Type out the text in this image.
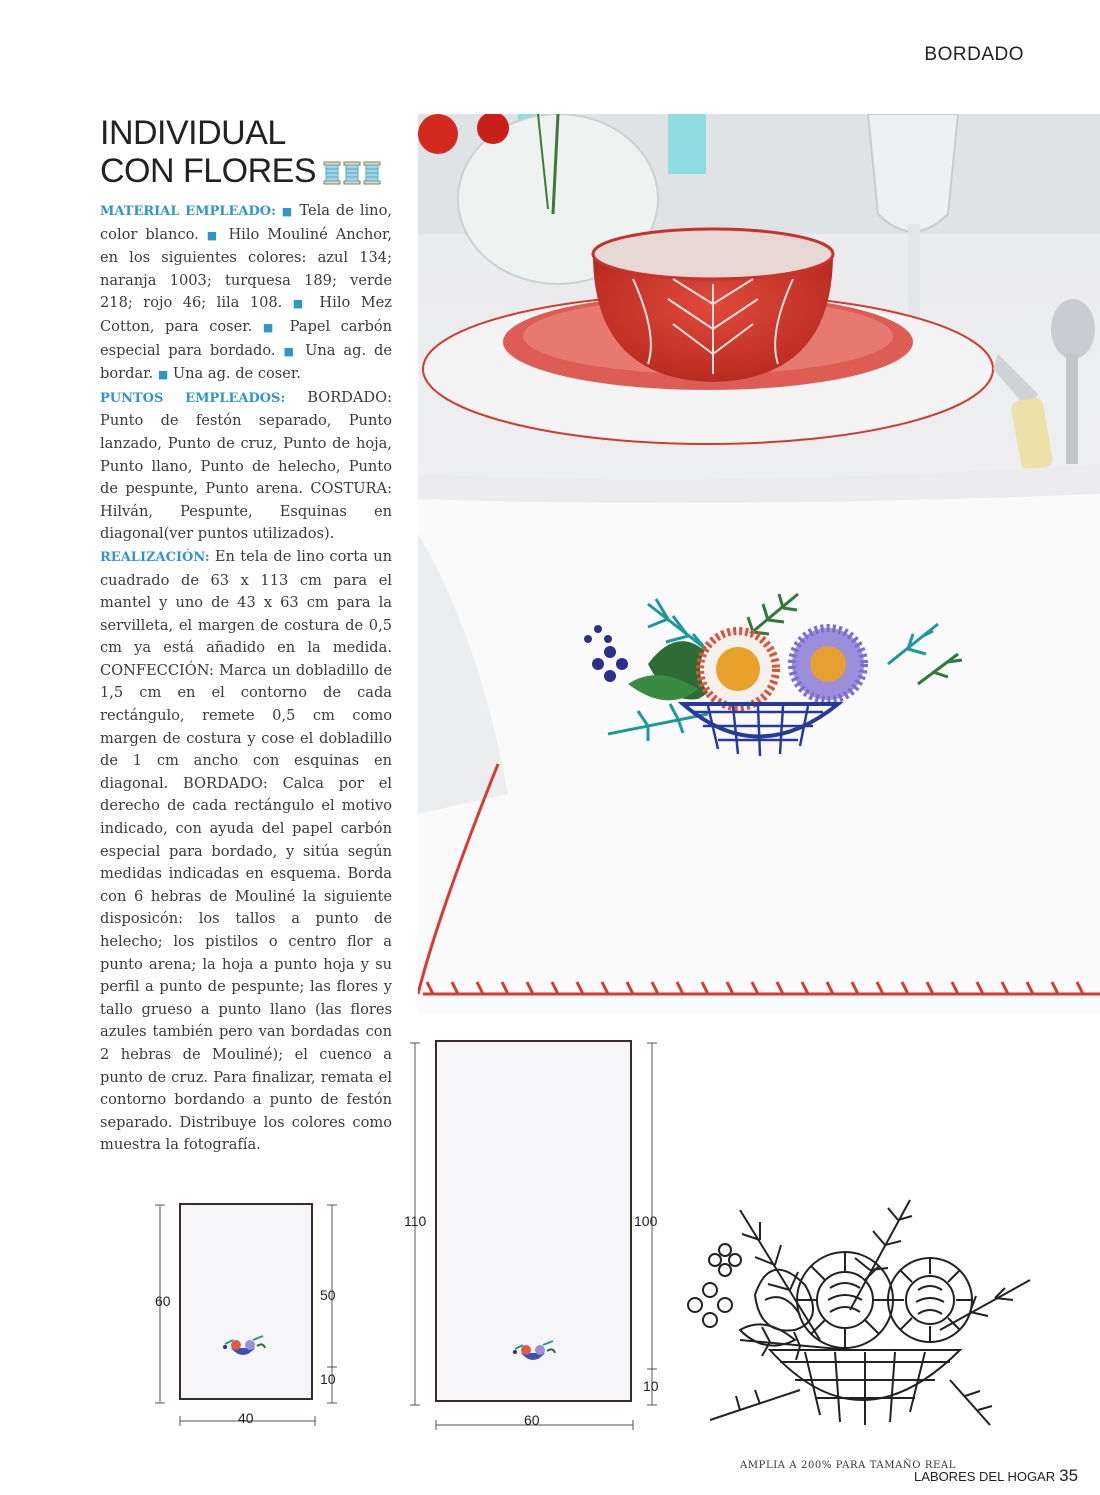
BORDADO
INDIVIDUAL
CON FLORES

MATERIAL EMPLEADO: ■ Tela de lino, color blanco. ■ Hilo Mouliné Anchor, en los siguientes colores: azul 134; naranja 1003; turquesa 189; verde 218; rojo 46; lila 108. ■ Hilo Mez Cotton, para coser. ■ Papel carbón especial para bordado. ■ Una ag. de bordar. ■ Una ag. de coser.

PUNTOS EMPLEADOS: BORDADO: Punto de festón separado, Punto lanzado, Punto de cruz, Punto de hoja, Punto llano, Punto de helecho, Punto de pespunte, Punto arena. COSTURA: Hilván, Pespunte, Esquinas en diagonal(ver puntos utilizados).

REALIZACIÓN: En tela de lino corta un cuadrado de 63 x 113 cm para el mantel y uno de 43 x 63 cm para la servilleta, el margen de costura de 0,5 cm ya está añadido en la medida. CONFECCIÓN: Marca un dobladillo de 1,5 cm en el contorno de cada rectángulo, remete 0,5 cm como margen de costura y cose el dobladillo de 1 cm ancho con esquinas en diagonal. BORDADO: Calca por el derecho de cada rectángulo el motivo indicado, con ayuda del papel carbón especial para bordado, y sitúa según medidas indicadas en esquema. Borda con 6 hebras de Mouliné la siguiente disposicón: los tallos a punto de helecho; los pistilos o centro flor a punto arena; la hoja a punto hoja y su perfil a punto de pespunte; las flores y tallo grueso a punto llano (las flores azules también pero van bordadas con 2 hebras de Mouliné); el cuenco a punto de cruz. Para finalizar, remata el contorno bordando a punto de festón separado. Distribuye los colores como muestra la fotografía.

60	50
10
40
110	100
10
60
AMPLIA A 200% PARA TAMAÑO REAL
LABORES DEL HOGAR 35
